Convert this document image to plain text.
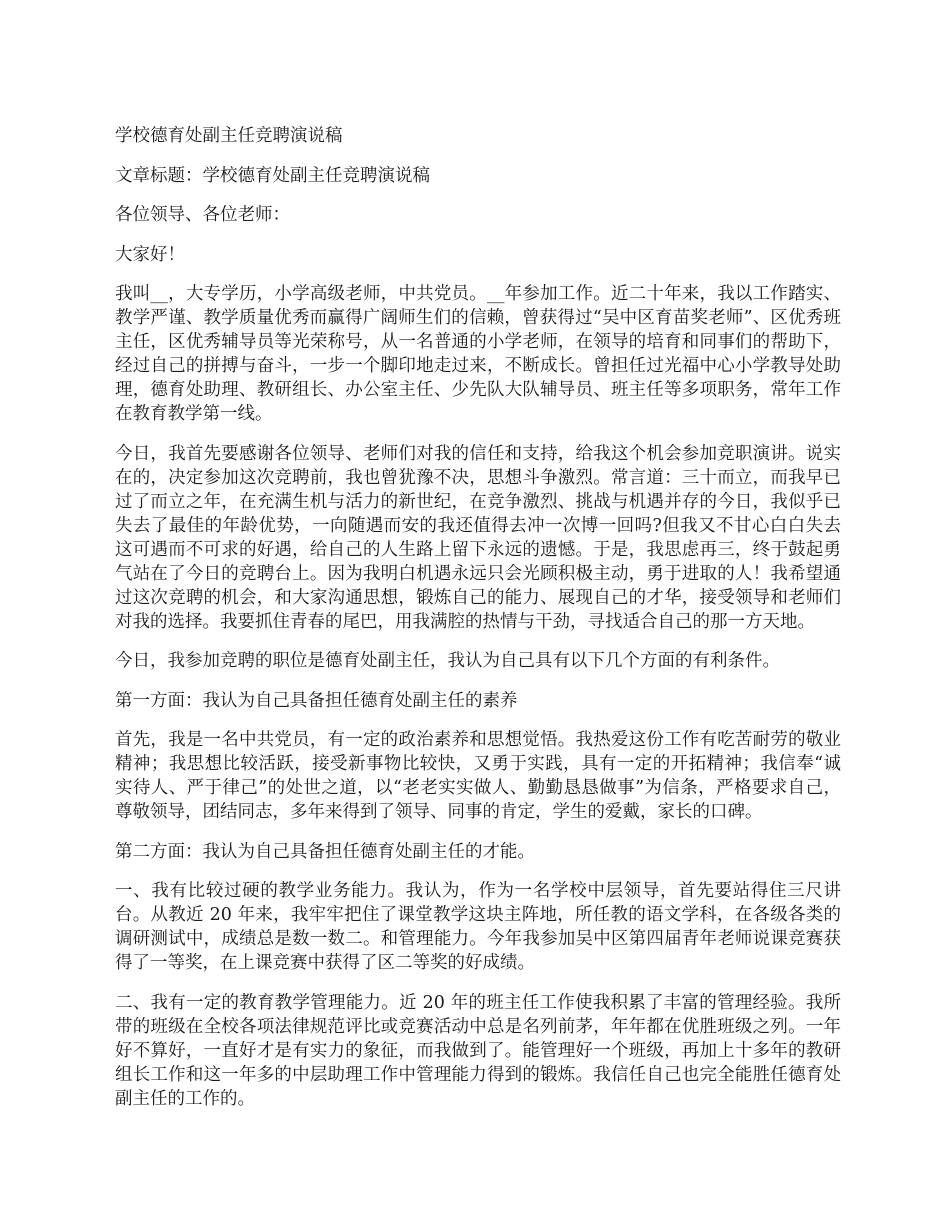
学校德育处副主任竞聘演说稿

文章标题：学校德育处副主任竞聘演说稿

各位领导、各位老师：

大家好！

我叫__，大专学历，小学高级老师，中共党员。__年参加工作。近二十年来，我以工作踏实、教学严谨、教学质量优秀而赢得广阔师生们的信赖，曾获得过“吴中区育苗奖老师”、区优秀班主任，区优秀辅导员等光荣称号，从一名普通的小学老师，在领导的培育和同事们的帮助下，经过自己的拼搏与奋斗，一步一个脚印地走过来，不断成长。曾担任过光福中心小学教导处助理，德育处助理、教研组长、办公室主任、少先队大队辅导员、班主任等多项职务，常年工作在教育教学第一线。

今日，我首先要感谢各位领导、老师们对我的信任和支持，给我这个机会参加竞职演讲。说实在的，决定参加这次竞聘前，我也曾犹豫不决，思想斗争激烈。常言道：三十而立，而我早已过了而立之年，在充满生机与活力的新世纪，在竞争激烈、挑战与机遇并存的今日，我似乎已失去了最佳的年龄优势，一向随遇而安的我还值得去冲一次博一回吗?但我又不甘心白白失去这可遇而不可求的好遇，给自己的人生路上留下永远的遗憾。于是，我思虑再三，终于鼓起勇气站在了今日的竞聘台上。因为我明白机遇永远只会光顾积极主动，勇于进取的人！我希望通过这次竞聘的机会，和大家沟通思想，锻炼自己的能力、展现自己的才华，接受领导和老师们对我的选择。我要抓住青春的尾巴，用我满腔的热情与干劲，寻找适合自己的那一方天地。

今日，我参加竞聘的职位是德育处副主任，我认为自己具有以下几个方面的有利条件。

第一方面：我认为自己具备担任德育处副主任的素养

首先，我是一名中共党员，有一定的政治素养和思想觉悟。我热爱这份工作有吃苦耐劳的敬业精神；我思想比较活跃，接受新事物比较快，又勇于实践，具有一定的开拓精神；我信奉“诚实待人、严于律己”的处世之道，以“老老实实做人、勤勤恳恳做事”为信条，严格要求自己，尊敬领导，团结同志，多年来得到了领导、同事的肯定，学生的爱戴，家长的口碑。

第二方面：我认为自己具备担任德育处副主任的才能。

一、我有比较过硬的教学业务能力。我认为，作为一名学校中层领导，首先要站得住三尺讲台。从教近 20 年来，我牢牢把住了课堂教学这块主阵地，所任教的语文学科，在各级各类的调研测试中，成绩总是数一数二。和管理能力。今年我参加吴中区第四届青年老师说课竞赛获得了一等奖，在上课竞赛中获得了区二等奖的好成绩。

二、我有一定的教育教学管理能力。近 20 年的班主任工作使我积累了丰富的管理经验。我所带的班级在全校各项法律规范评比或竞赛活动中总是名列前茅，年年都在优胜班级之列。一年好不算好，一直好才是有实力的象征，而我做到了。能管理好一个班级，再加上十多年的教研组长工作和这一年多的中层助理工作中管理能力得到的锻炼。我信任自己也完全能胜任德育处副主任的工作的。
